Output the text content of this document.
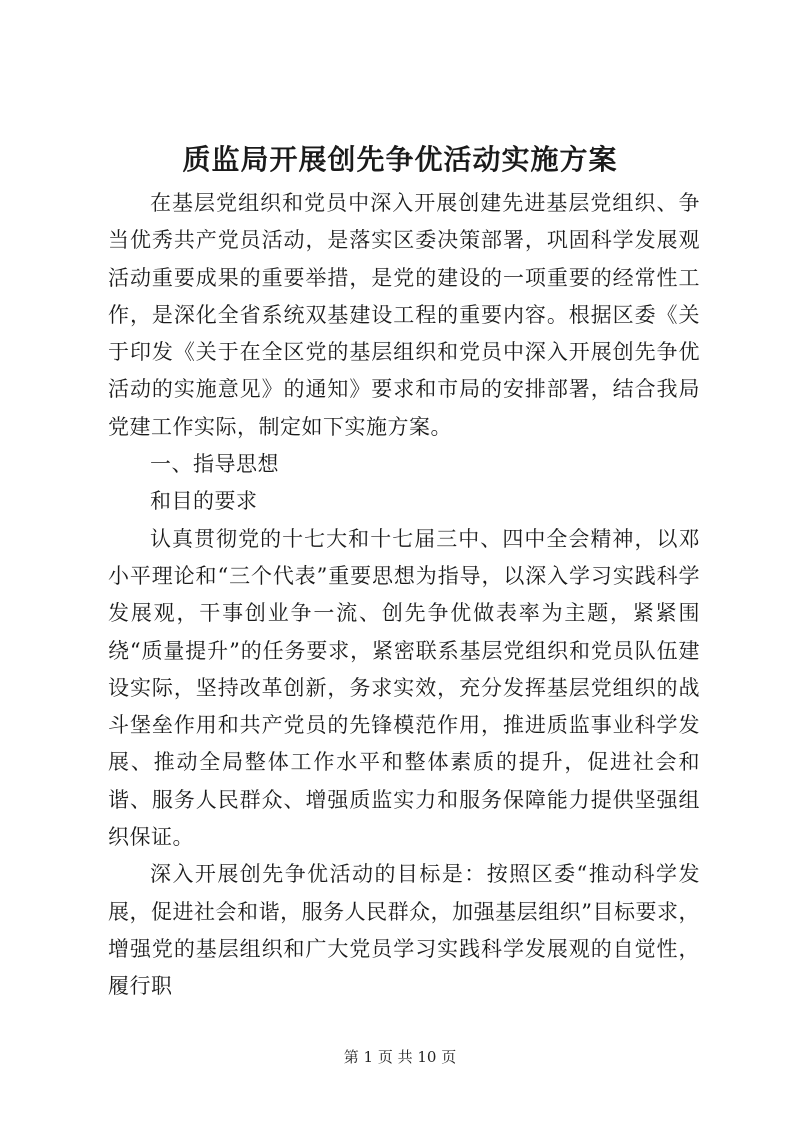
质监局开展创先争优活动实施方案

在基层党组织和党员中深入开展创建先进基层党组织、争当优秀共产党员活动，是落实区委决策部署，巩固科学发展观活动重要成果的重要举措，是党的建设的一项重要的经常性工作，是深化全省系统双基建设工程的重要内容。根据区委《关于印发《关于在全区党的基层组织和党员中深入开展创先争优活动的实施意见》的通知》要求和市局的安排部署，结合我局党建工作实际，制定如下实施方案。

一、指导思想

和目的要求

认真贯彻党的十七大和十七届三中、四中全会精神，以邓小平理论和“三个代表”重要思想为指导，以深入学习实践科学发展观，干事创业争一流、创先争优做表率为主题，紧紧围绕“质量提升”的任务要求，紧密联系基层党组织和党员队伍建设实际，坚持改革创新，务求实效，充分发挥基层党组织的战斗堡垒作用和共产党员的先锋模范作用，推进质监事业科学发展、推动全局整体工作水平和整体素质的提升，促进社会和谐、服务人民群众、增强质监实力和服务保障能力提供坚强组织保证。

深入开展创先争优活动的目标是：按照区委“推动科学发展，促进社会和谐，服务人民群众，加强基层组织”目标要求，增强党的基层组织和广大党员学习实践科学发展观的自觉性，履行职

第 1 页 共 10 页
